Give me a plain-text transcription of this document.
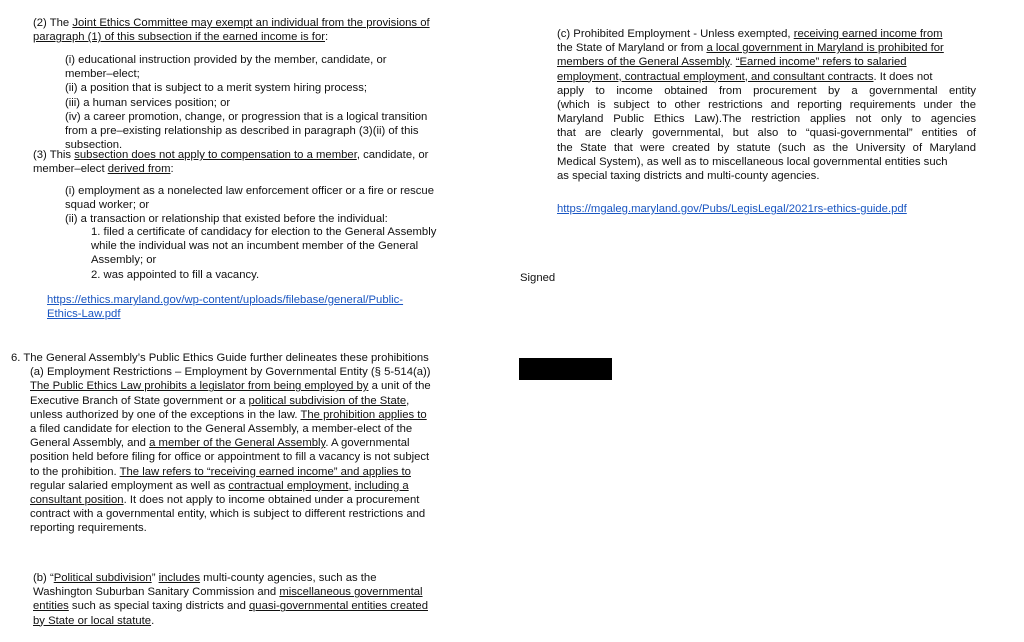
(2) The Joint Ethics Committee may exempt an individual from the provisions of
paragraph (1) of this subsection if the earned income is for:
(i) educational instruction provided by the member, candidate, or
member–elect;
(ii) a position that is subject to a merit system hiring process;
(iii) a human services position; or
(iv) a career promotion, change, or progression that is a logical transition
from a pre–existing relationship as described in paragraph (3)(ii) of this
subsection.
(3) This subsection does not apply to compensation to a member, candidate, or
member–elect derived from:
(i) employment as a nonelected law enforcement officer or a fire or rescue
squad worker; or
(ii) a transaction or relationship that existed before the individual:
1. filed a certificate of candidacy for election to the General Assembly
while the individual was not an incumbent member of the General
Assembly; or
2. was appointed to fill a vacancy.
https://ethics.maryland.gov/wp-content/uploads/filebase/general/Public-
Ethics-Law.pdf
6. The General Assembly’s Public Ethics Guide further delineates these prohibitions
(a) Employment Restrictions – Employment by Governmental Entity (§ 5-514(a))
The Public Ethics Law prohibits a legislator from being employed by a unit of the
Executive Branch of State government or a political subdivision of the State,
unless authorized by one of the exceptions in the law. The prohibition applies to
a filed candidate for election to the General Assembly, a member-elect of the
General Assembly, and a member of the General Assembly. A governmental
position held before filing for office or appointment to fill a vacancy is not subject
to the prohibition. The law refers to “receiving earned income” and applies to
regular salaried employment as well as contractual employment, including a
consultant position. It does not apply to income obtained under a procurement
contract with a governmental entity, which is subject to different restrictions and
reporting requirements.
(b) “Political subdivision” includes multi-county agencies, such as the
Washington Suburban Sanitary Commission and miscellaneous governmental
entities such as special taxing districts and quasi-governmental entities created
by State or local statute.
(c) Prohibited Employment - Unless exempted, receiving earned income from
the State of Maryland or from a local government in Maryland is prohibited for
members of the General Assembly. “Earned income” refers to salaried
employment, contractual employment, and consultant contracts. It does not
apply to income obtained from procurement by a governmental entity
(which is subject to other restrictions and reporting requirements under the
Maryland Public Ethics Law).The restriction applies not only to agencies
that are clearly governmental, but also to “quasi-governmental” entities of
the State that were created by statute (such as the University of Maryland
Medical System), as well as to miscellaneous local governmental entities such
as special taxing districts and multi-county agencies.
https://mgaleg.maryland.gov/Pubs/LegisLegal/2021rs-ethics-guide.pdf
Signed
